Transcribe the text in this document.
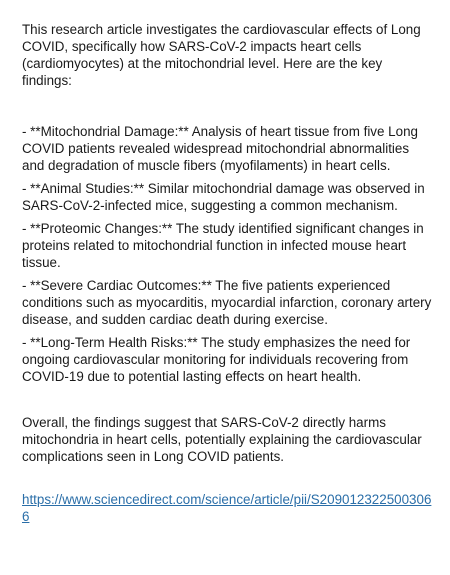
This research article investigates the cardiovascular effects of Long COVID, specifically how SARS-CoV-2 impacts heart cells (cardiomyocytes) at the mitochondrial level. Here are the key findings:

- **Mitochondrial Damage:** Analysis of heart tissue from five Long COVID patients revealed widespread mitochondrial abnormalities and degradation of muscle fibers (myofilaments) in heart cells.
- **Animal Studies:** Similar mitochondrial damage was observed in SARS-CoV-2-infected mice, suggesting a common mechanism.
- **Proteomic Changes:** The study identified significant changes in proteins related to mitochondrial function in infected mouse heart tissue.
- **Severe Cardiac Outcomes:** The five patients experienced conditions such as myocarditis, myocardial infarction, coronary artery disease, and sudden cardiac death during exercise.
- **Long-Term Health Risks:** The study emphasizes the need for ongoing cardiovascular monitoring for individuals recovering from COVID-19 due to potential lasting effects on heart health.

Overall, the findings suggest that SARS-CoV-2 directly harms mitochondria in heart cells, potentially explaining the cardiovascular complications seen in Long COVID patients.

https://www.sciencedirect.com/science/article/pii/S2090123225003066
